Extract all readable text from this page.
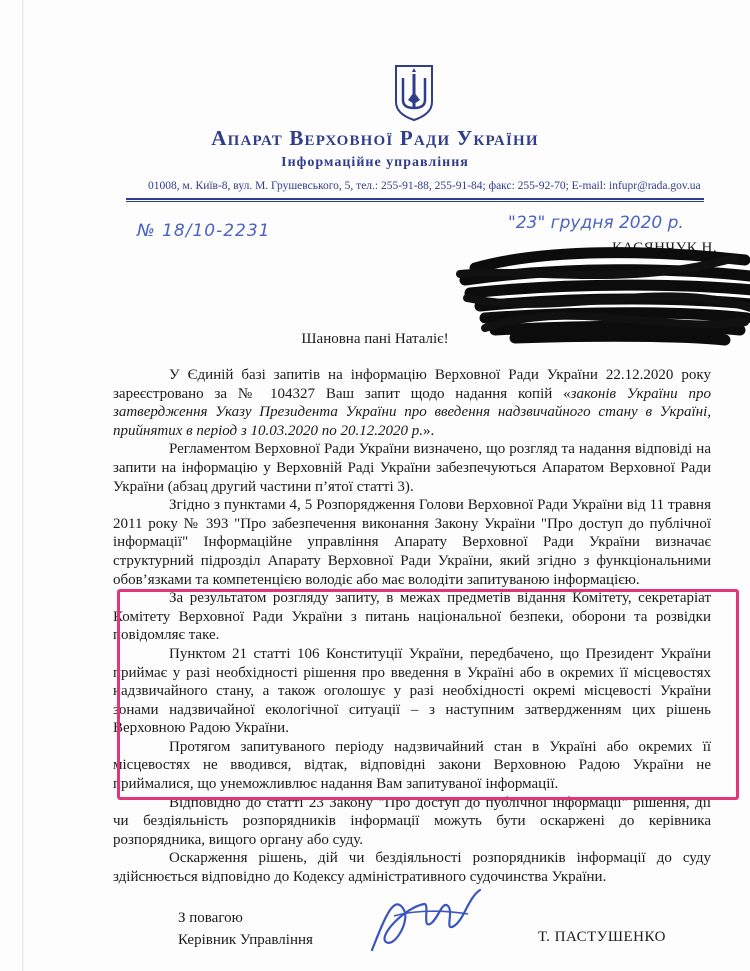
Апарат Верховної Ради України
Інформаційне управління
01008, м. Київ-8, вул. М. Грушевського, 5, тел.: 255-91-88, 255-91-84; факс: 255-92-70; E-mail: infupr@rada.gov.ua
№ 18/10-2231	"23" грудня 2020 р.
КАСЯНЧУК Н.
Шановна пані Наталіє!

У Єдиній базі запитів на інформацію Верховної Ради України 22.12.2020 року зареєстровано за № 104327 Ваш запит щодо надання копій «законів України про затвердження Указу Президента України про введення надзвичайного стану в Україні, прийнятих в період з 10.03.2020 по 20.12.2020 р.».

Регламентом Верховної Ради України визначено, що розгляд та надання відповіді на запити на інформацію у Верховній Раді України забезпечуються Апаратом Верховної Ради України (абзац другий частини п’ятої статті 3).

Згідно з пунктами 4, 5 Розпорядження Голови Верховної Ради України від 11 травня 2011 року № 393 "Про забезпечення виконання Закону України "Про доступ до публічної інформації" Інформаційне управління Апарату Верховної Ради України визначає структурний підрозділ Апарату Верховної Ради України, який згідно з функціональними обов’язками та компетенцією володіє або має володіти запитуваною інформацією.

За результатом розгляду запиту, в межах предметів відання Комітету, секретаріат Комітету Верховної Ради України з питань національної безпеки, оборони та розвідки повідомляє таке.

Пунктом 21 статті 106 Конституції України, передбачено, що Президент України приймає у разі необхідності рішення про введення в Україні або в окремих її місцевостях надзвичайного стану, а також оголошує у разі необхідності окремі місцевості України зонами надзвичайної екологічної ситуації – з наступним затвердженням цих рішень Верховною Радою України.

Протягом запитуваного періоду надзвичайний стан в Україні або окремих її місцевостях не вводився, відтак, відповідні закони Верховною Радою України не приймалися, що унеможливлює надання Вам запитуваної інформації.

Відповідно до статті 23 Закону "Про доступ до публічної інформації" рішення, дії чи бездіяльність розпорядників інформації можуть бути оскаржені до керівника розпорядника, вищого органу або суду.

Оскарження рішень, дій чи бездіяльності розпорядників інформації до суду здійснюється відповідно до Кодексу адміністративного судочинства України.

З повагою
Керівник Управління	Т. ПАСТУШЕНКО
